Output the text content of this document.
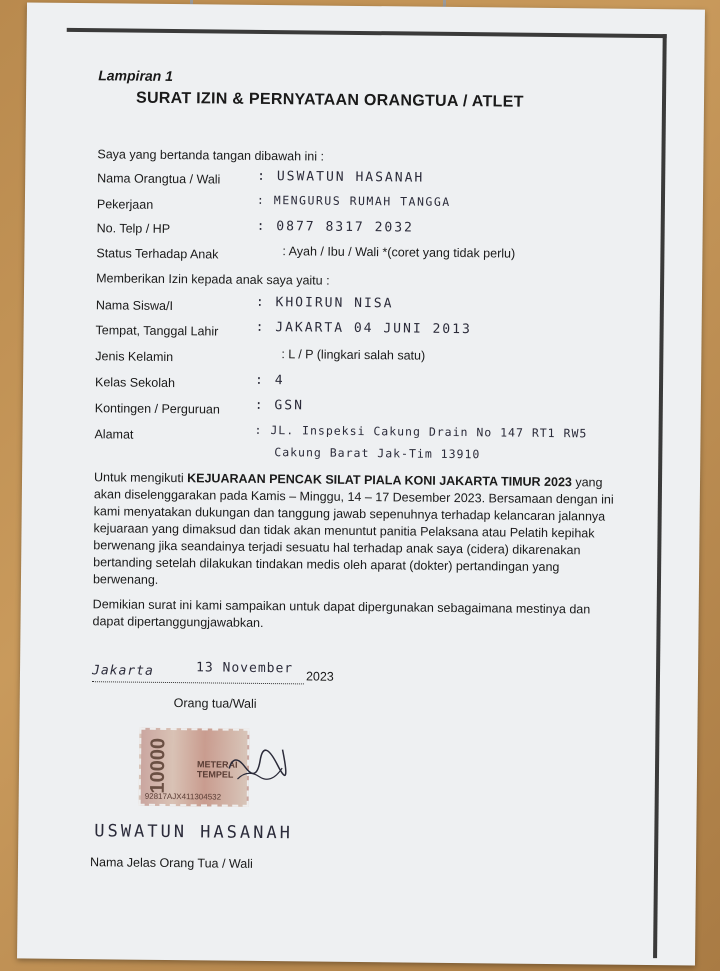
Lampiran 1
SURAT IZIN & PERNYATAAN ORANGTUA / ATLET
Saya yang bertanda tangan dibawah ini :
Nama Orangtua / Wali	: USWATUN HASANAH
Pekerjaan	: MENGURUS RUMAH TANGGA
No. Telp / HP	: 0877 8317 2032
Status Terhadap Anak	: Ayah / Ibu / Wali *(coret yang tidak perlu)
Memberikan Izin kepada anak saya yaitu :
Nama Siswa/I	: KHOIRUN NISA
Tempat, Tanggal Lahir	: JAKARTA 04 JUNI 2013
Jenis Kelamin	: L / P (lingkari salah satu)
Kelas Sekolah	: 4
Kontingen / Perguruan	: GSN
Alamat	: JL. Inspeksi Cakung Drain No 147 RT1 RW5
Cakung Barat Jak-Tim 13910
Untuk mengikuti KEJUARAAN PENCAK SILAT PIALA KONI JAKARTA TIMUR 2023 yang akan diselenggarakan pada Kamis – Minggu, 14 – 17 Desember 2023. Bersamaan dengan ini kami menyatakan dukungan dan tanggung jawab sepenuhnya terhadap kelancaran jalannya kejuaraan yang dimaksud dan tidak akan menuntut panitia Pelaksana atau Pelatih kepihak berwenang jika seandainya terjadi sesuatu hal terhadap anak saya (cidera) dikarenakan bertanding setelah dilakukan tindakan medis oleh aparat (dokter) pertandingan yang berwenang.
Demikian surat ini kami sampaikan untuk dapat dipergunakan sebagaimana mestinya dan dapat dipertanggungjawabkan.
Jakarta	13 November
2023
Orang tua/Wali
10000	METERAI
TEMPEL
92817AJX411304532
USWATUN HASANAH
Nama Jelas Orang Tua / Wali
